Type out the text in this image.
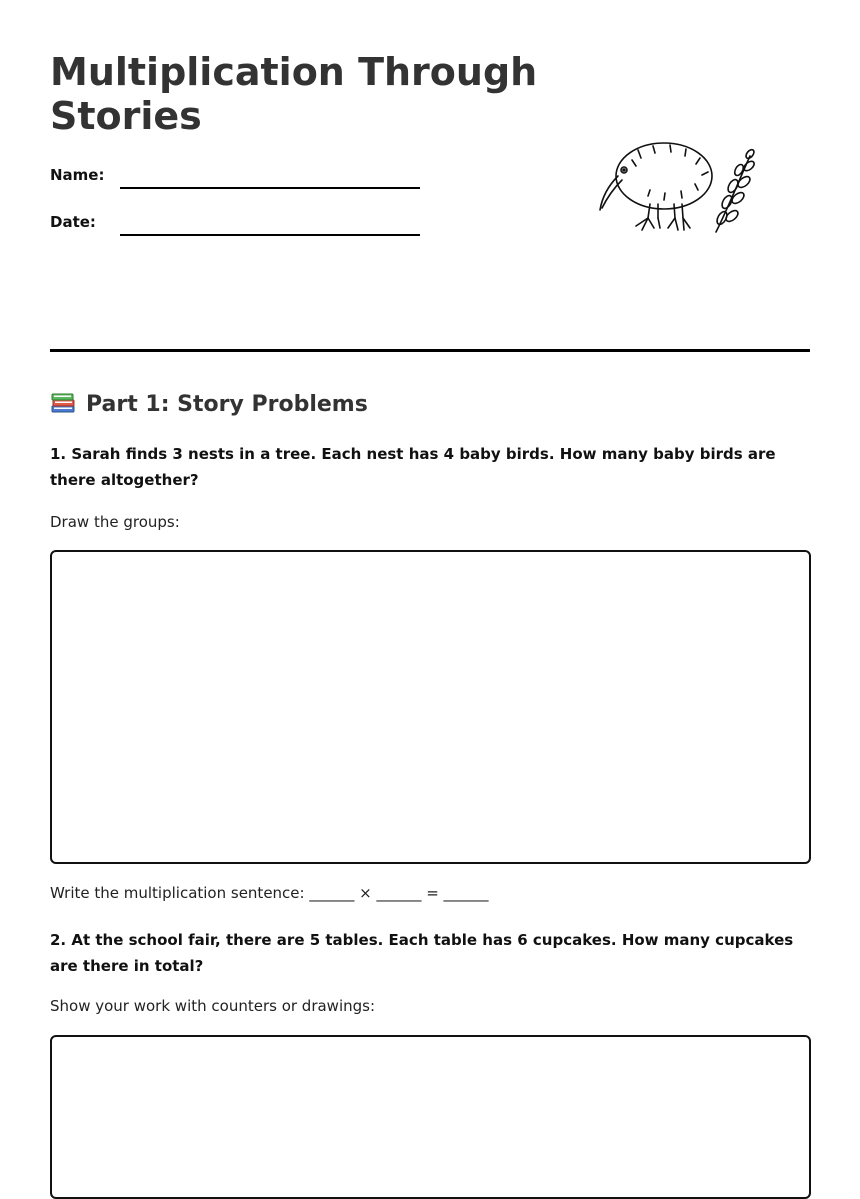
Multiplication Through Stories
Name:
Date:
Part 1: Story Problems

1. Sarah finds 3 nests in a tree. Each nest has 4 baby birds. How many baby birds are there altogether?

Draw the groups:

Write the multiplication sentence: ______ × ______ = ______

2. At the school fair, there are 5 tables. Each table has 6 cupcakes. How many cupcakes are there in total?

Show your work with counters or drawings:
